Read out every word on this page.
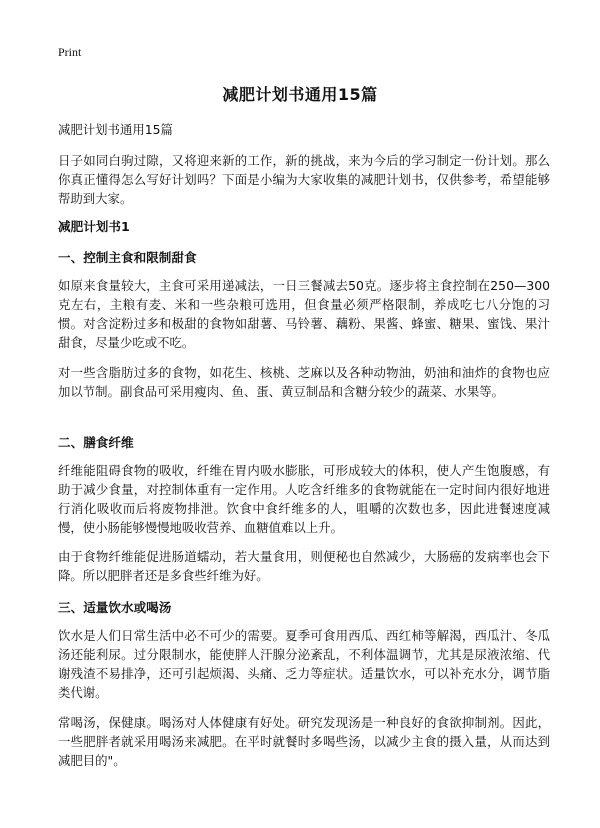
Print
减肥计划书通用15篇
减肥计划书通用15篇
日子如同白驹过隙，又将迎来新的工作，新的挑战，来为今后的学习制定一份计划。那么你真正懂得怎么写好计划吗？下面是小编为大家收集的减肥计划书，仅供参考，希望能够帮助到大家。
减肥计划书1
一、控制主食和限制甜食
如原来食量较大，主食可采用递减法，一日三餐减去50克。逐步将主食控制在250—300克左右，主粮有麦、米和一些杂粮可选用，但食量必须严格限制，养成吃七八分饱的习惯。对含淀粉过多和极甜的食物如甜薯、马铃薯、藕粉、果酱、蜂蜜、糖果、蜜饯、果汁甜食，尽量少吃或不吃。
对一些含脂肪过多的食物，如花生、核桃、芝麻以及各种动物油，奶油和油炸的食物也应加以节制。副食品可采用瘦肉、鱼、蛋、黄豆制品和含糖分较少的蔬菜、水果等。
二、膳食纤维
纤维能阻碍食物的吸收，纤维在胃内吸水膨胀，可形成较大的体积，使人产生饱腹感，有助于减少食量，对控制体重有一定作用。人吃含纤维多的食物就能在一定时间内很好地进行消化吸收而后将废物排泄。饮食中食纤维多的人，咀嚼的次数也多，因此进餐速度减慢，使小肠能够慢慢地吸收营养、血糖值难以上升。
由于食物纤维能促进肠道蠕动，若大量食用，则便秘也自然减少，大肠癌的发病率也会下降。所以肥胖者还是多食些纤维为好。
三、适量饮水或喝汤
饮水是人们日常生活中必不可少的需要。夏季可食用西瓜、西红柿等解渴，西瓜汁、冬瓜汤还能利尿。过分限制水，能使胖人汗腺分泌紊乱，不利体温调节，尤其是尿液浓缩、代谢残渣不易排净，还可引起烦渴、头痛、乏力等症状。适量饮水，可以补充水分，调节脂类代谢。
常喝汤，保健康。喝汤对人体健康有好处。研究发现汤是一种良好的食欲抑制剂。因此，一些肥胖者就采用喝汤来减肥。在平时就餐时多喝些汤，以减少主食的摄入量，从而达到减肥目的"。
